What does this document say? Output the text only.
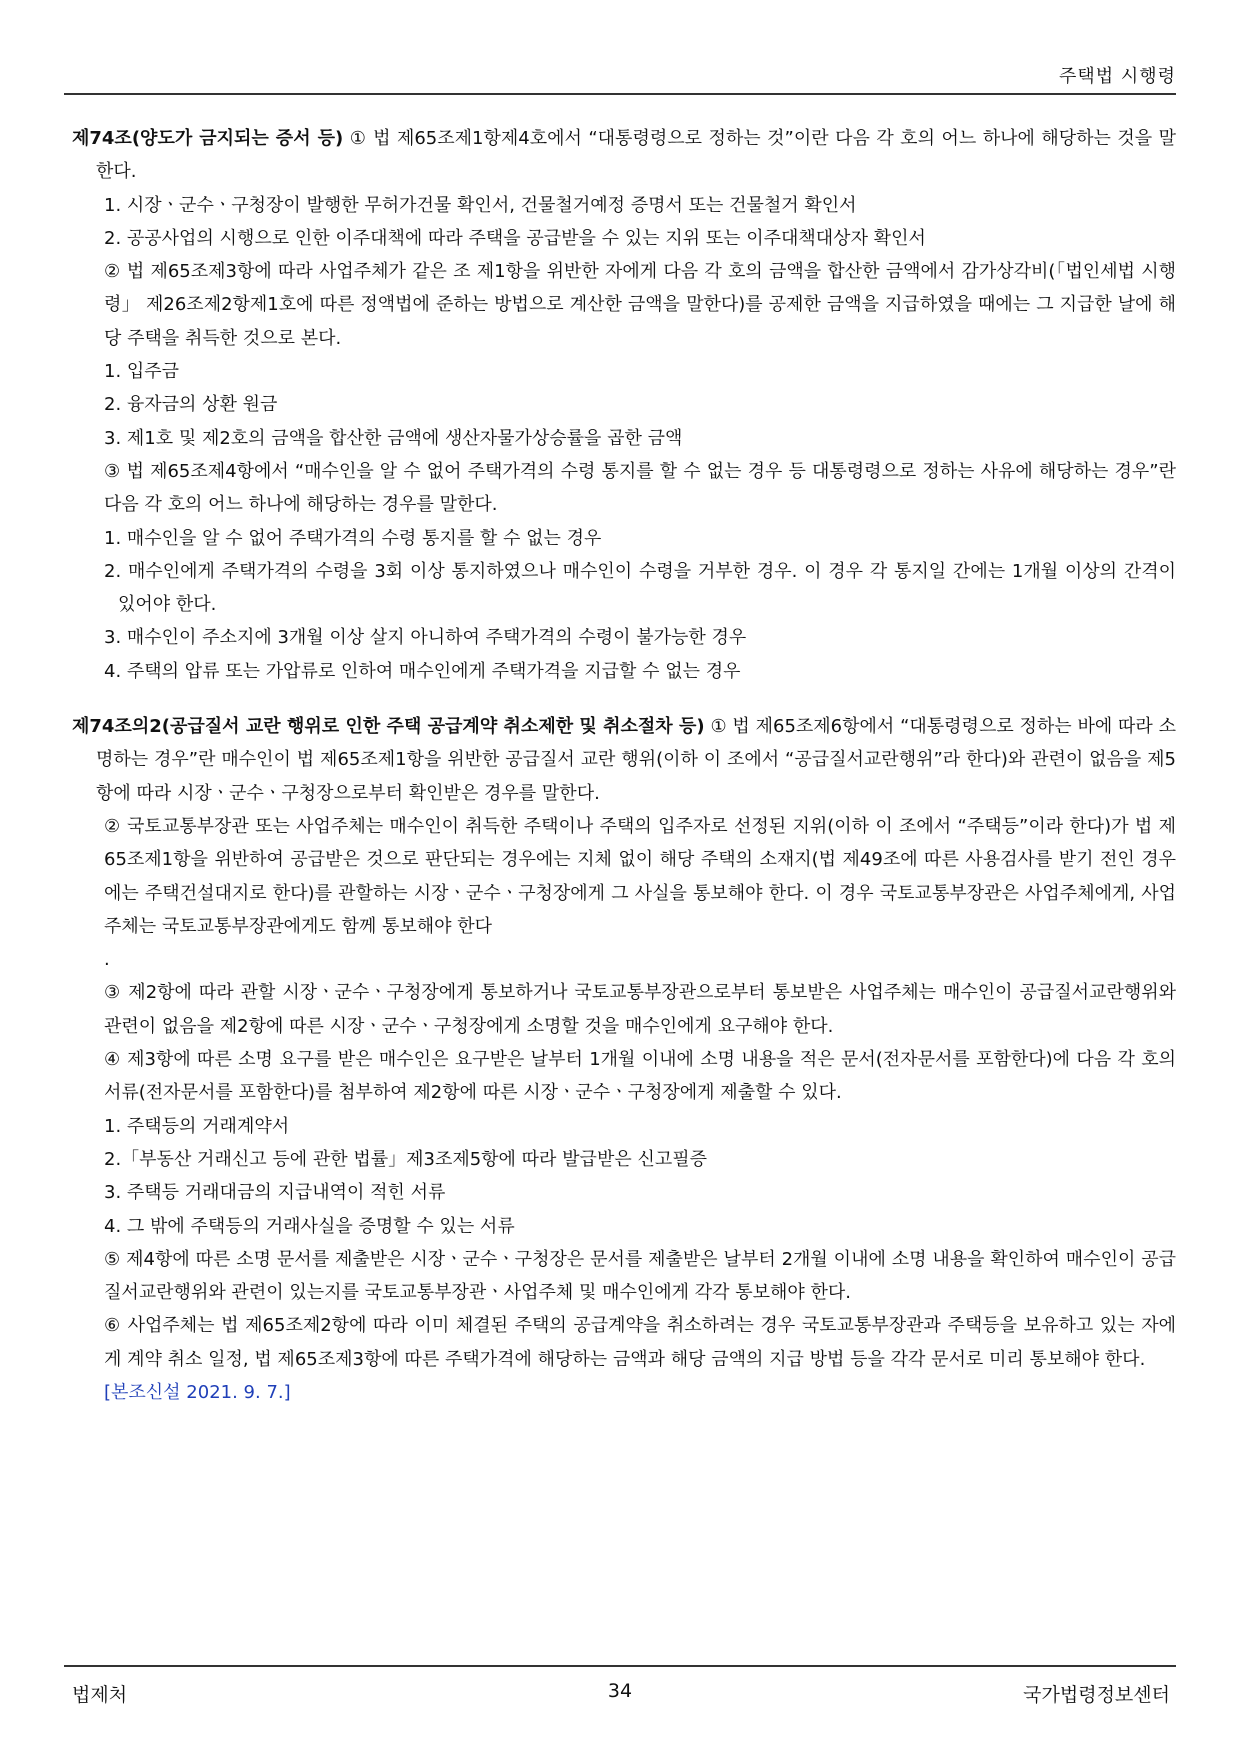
주택법 시행령

제74조(양도가 금지되는 증서 등) ① 법 제65조제1항제4호에서 “대통령령으로 정하는 것”이란 다음 각 호의 어느 하나에 해당하는 것을 말한다.

1. 시장ㆍ군수ㆍ구청장이 발행한 무허가건물 확인서, 건물철거예정 증명서 또는 건물철거 확인서

2. 공공사업의 시행으로 인한 이주대책에 따라 주택을 공급받을 수 있는 지위 또는 이주대책대상자 확인서

② 법 제65조제3항에 따라 사업주체가 같은 조 제1항을 위반한 자에게 다음 각 호의 금액을 합산한 금액에서 감가상각비(「법인세법 시행령」 제26조제2항제1호에 따른 정액법에 준하는 방법으로 계산한 금액을 말한다)를 공제한 금액을 지급하였을 때에는 그 지급한 날에 해당 주택을 취득한 것으로 본다.

1. 입주금

2. 융자금의 상환 원금

3. 제1호 및 제2호의 금액을 합산한 금액에 생산자물가상승률을 곱한 금액

③ 법 제65조제4항에서 “매수인을 알 수 없어 주택가격의 수령 통지를 할 수 없는 경우 등 대통령령으로 정하는 사유에 해당하는 경우”란 다음 각 호의 어느 하나에 해당하는 경우를 말한다.

1. 매수인을 알 수 없어 주택가격의 수령 통지를 할 수 없는 경우

2. 매수인에게 주택가격의 수령을 3회 이상 통지하였으나 매수인이 수령을 거부한 경우. 이 경우 각 통지일 간에는 1개월 이상의 간격이 있어야 한다.

3. 매수인이 주소지에 3개월 이상 살지 아니하여 주택가격의 수령이 불가능한 경우

4. 주택의 압류 또는 가압류로 인하여 매수인에게 주택가격을 지급할 수 없는 경우

제74조의2(공급질서 교란 행위로 인한 주택 공급계약 취소제한 및 취소절차 등) ① 법 제65조제6항에서 “대통령령으로 정하는 바에 따라 소명하는 경우”란 매수인이 법 제65조제1항을 위반한 공급질서 교란 행위(이하 이 조에서 “공급질서교란행위”라 한다)와 관련이 없음을 제5항에 따라 시장ㆍ군수ㆍ구청장으로부터 확인받은 경우를 말한다.

② 국토교통부장관 또는 사업주체는 매수인이 취득한 주택이나 주택의 입주자로 선정된 지위(이하 이 조에서 “주택등”이라 한다)가 법 제65조제1항을 위반하여 공급받은 것으로 판단되는 경우에는 지체 없이 해당 주택의 소재지(법 제49조에 따른 사용검사를 받기 전인 경우에는 주택건설대지로 한다)를 관할하는 시장ㆍ군수ㆍ구청장에게 그 사실을 통보해야 한다. 이 경우 국토교통부장관은 사업주체에게, 사업주체는 국토교통부장관에게도 함께 통보해야 한다

.

③ 제2항에 따라 관할 시장ㆍ군수ㆍ구청장에게 통보하거나 국토교통부장관으로부터 통보받은 사업주체는 매수인이 공급질서교란행위와 관련이 없음을 제2항에 따른 시장ㆍ군수ㆍ구청장에게 소명할 것을 매수인에게 요구해야 한다.

④ 제3항에 따른 소명 요구를 받은 매수인은 요구받은 날부터 1개월 이내에 소명 내용을 적은 문서(전자문서를 포함한다)에 다음 각 호의 서류(전자문서를 포함한다)를 첨부하여 제2항에 따른 시장ㆍ군수ㆍ구청장에게 제출할 수 있다.

1. 주택등의 거래계약서

2.「부동산 거래신고 등에 관한 법률」제3조제5항에 따라 발급받은 신고필증

3. 주택등 거래대금의 지급내역이 적힌 서류

4. 그 밖에 주택등의 거래사실을 증명할 수 있는 서류

⑤ 제4항에 따른 소명 문서를 제출받은 시장ㆍ군수ㆍ구청장은 문서를 제출받은 날부터 2개월 이내에 소명 내용을 확인하여 매수인이 공급질서교란행위와 관련이 있는지를 국토교통부장관ㆍ사업주체 및 매수인에게 각각 통보해야 한다.

⑥ 사업주체는 법 제65조제2항에 따라 이미 체결된 주택의 공급계약을 취소하려는 경우 국토교통부장관과 주택등을 보유하고 있는 자에게 계약 취소 일정, 법 제65조제3항에 따른 주택가격에 해당하는 금액과 해당 금액의 지급 방법 등을 각각 문서로 미리 통보해야 한다.

[본조신설 2021. 9. 7.]

법제처	34	국가법령정보센터
